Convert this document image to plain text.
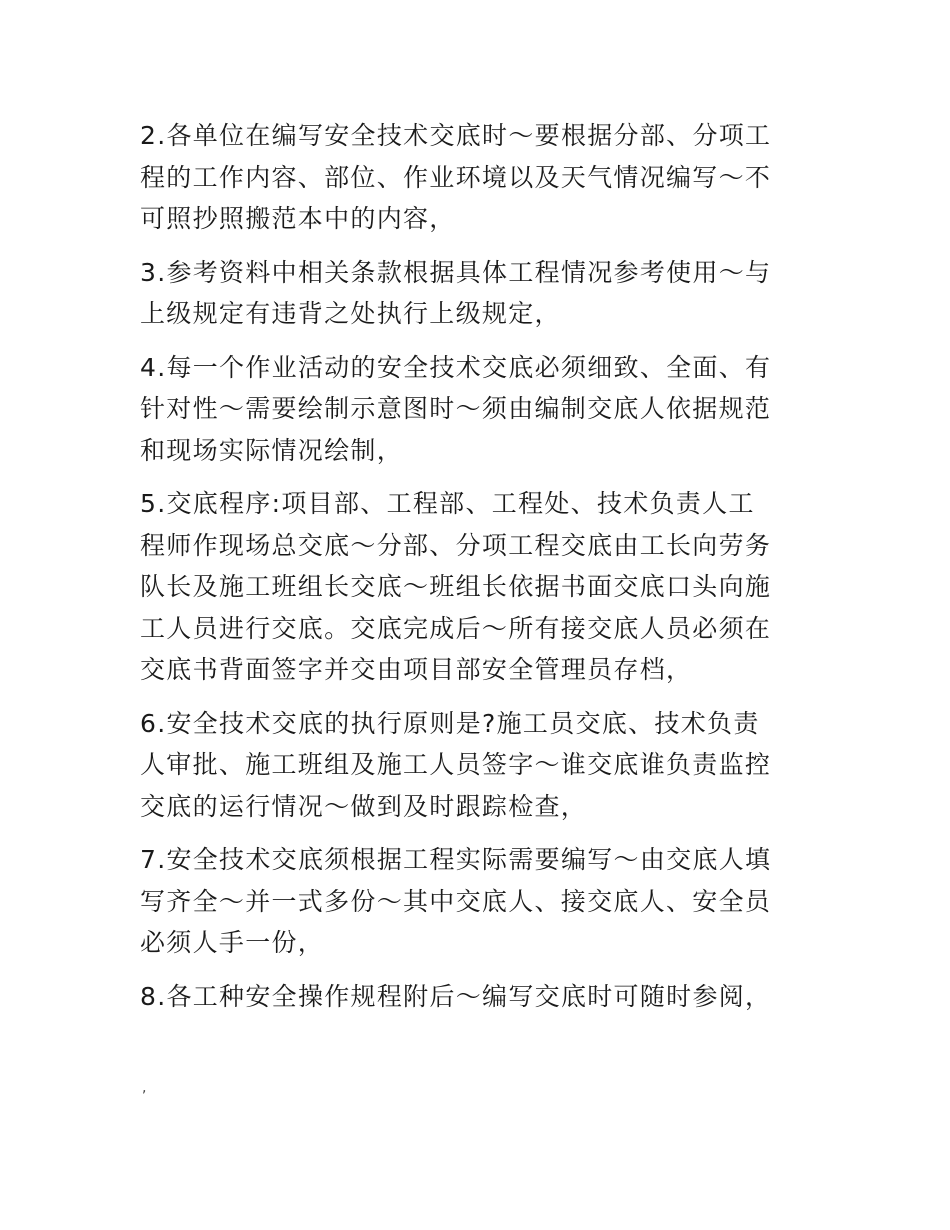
2.各单位在编写安全技术交底时～要根据分部、分项工
程的工作内容、部位、作业环境以及天气情况编写～不
可照抄照搬范本中的内容，

3.参考资料中相关条款根据具体工程情况参考使用～与
上级规定有违背之处执行上级规定，

4.每一个作业活动的安全技术交底必须细致、全面、有
针对性～需要绘制示意图时～须由编制交底人依据规范
和现场实际情况绘制，

5.交底程序:项目部、工程部、工程处、技术负责人工
程师作现场总交底～分部、分项工程交底由工长向劳务
队长及施工班组长交底～班组长依据书面交底口头向施
工人员进行交底。交底完成后～所有接交底人员必须在
交底书背面签字并交由项目部安全管理员存档，

6.安全技术交底的执行原则是?施工员交底、技术负责
人审批、施工班组及施工人员签字～谁交底谁负责监控
交底的运行情况～做到及时跟踪检查，

7.安全技术交底须根据工程实际需要编写～由交底人填
写齐全～并一式多份～其中交底人、接交底人、安全员
必须人手一份，

8.各工种安全操作规程附后～编写交底时可随时参阅，

,
